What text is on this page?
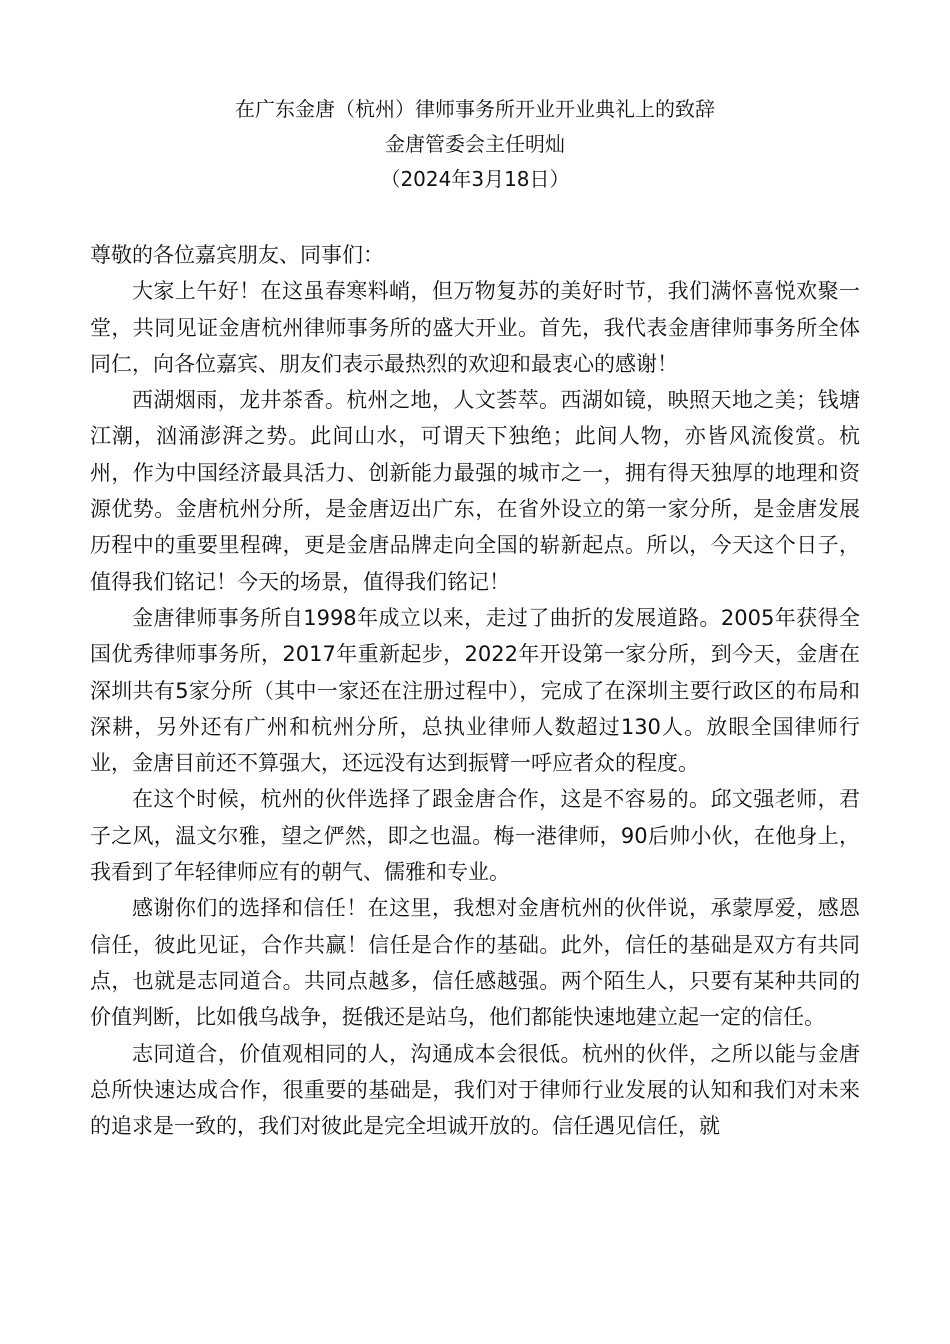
在广东金唐（杭州）律师事务所开业开业典礼上的致辞

金唐管委会主任明灿

（2024年3月18日）

尊敬的各位嘉宾朋友、同事们：

大家上午好！在这虽春寒料峭，但万物复苏的美好时节，我们满怀喜悦欢聚一堂，共同见证金唐杭州律师事务所的盛大开业。首先，我代表金唐律师事务所全体同仁，向各位嘉宾、朋友们表示最热烈的欢迎和最衷心的感谢！

西湖烟雨，龙井茶香。杭州之地，人文荟萃。西湖如镜，映照天地之美；钱塘江潮，汹涌澎湃之势。此间山水，可谓天下独绝；此间人物，亦皆风流俊赏。杭州，作为中国经济最具活力、创新能力最强的城市之一，拥有得天独厚的地理和资源优势。金唐杭州分所，是金唐迈出广东，在省外设立的第一家分所，是金唐发展历程中的重要里程碑，更是金唐品牌走向全国的崭新起点。所以，今天这个日子，值得我们铭记！今天的场景，值得我们铭记！

金唐律师事务所自1998年成立以来，走过了曲折的发展道路。2005年获得全国优秀律师事务所，2017年重新起步，2022年开设第一家分所，到今天，金唐在深圳共有5家分所（其中一家还在注册过程中），完成了在深圳主要行政区的布局和深耕，另外还有广州和杭州分所，总执业律师人数超过130人。放眼全国律师行业，金唐目前还不算强大，还远没有达到振臂一呼应者众的程度。

在这个时候，杭州的伙伴选择了跟金唐合作，这是不容易的。邱文强老师，君子之风，温文尔雅，望之俨然，即之也温。梅一港律师，90后帅小伙，在他身上，我看到了年轻律师应有的朝气、儒雅和专业。

感谢你们的选择和信任！在这里，我想对金唐杭州的伙伴说，承蒙厚爱，感恩信任，彼此见证，合作共赢！信任是合作的基础。此外，信任的基础是双方有共同点，也就是志同道合。共同点越多，信任感越强。两个陌生人，只要有某种共同的价值判断，比如俄乌战争，挺俄还是站乌，他们都能快速地建立起一定的信任。

志同道合，价值观相同的人，沟通成本会很低。杭州的伙伴，之所以能与金唐总所快速达成合作，很重要的基础是，我们对于律师行业发展的认知和我们对未来的追求是一致的，我们对彼此是完全坦诚开放的。信任遇见信任，就
